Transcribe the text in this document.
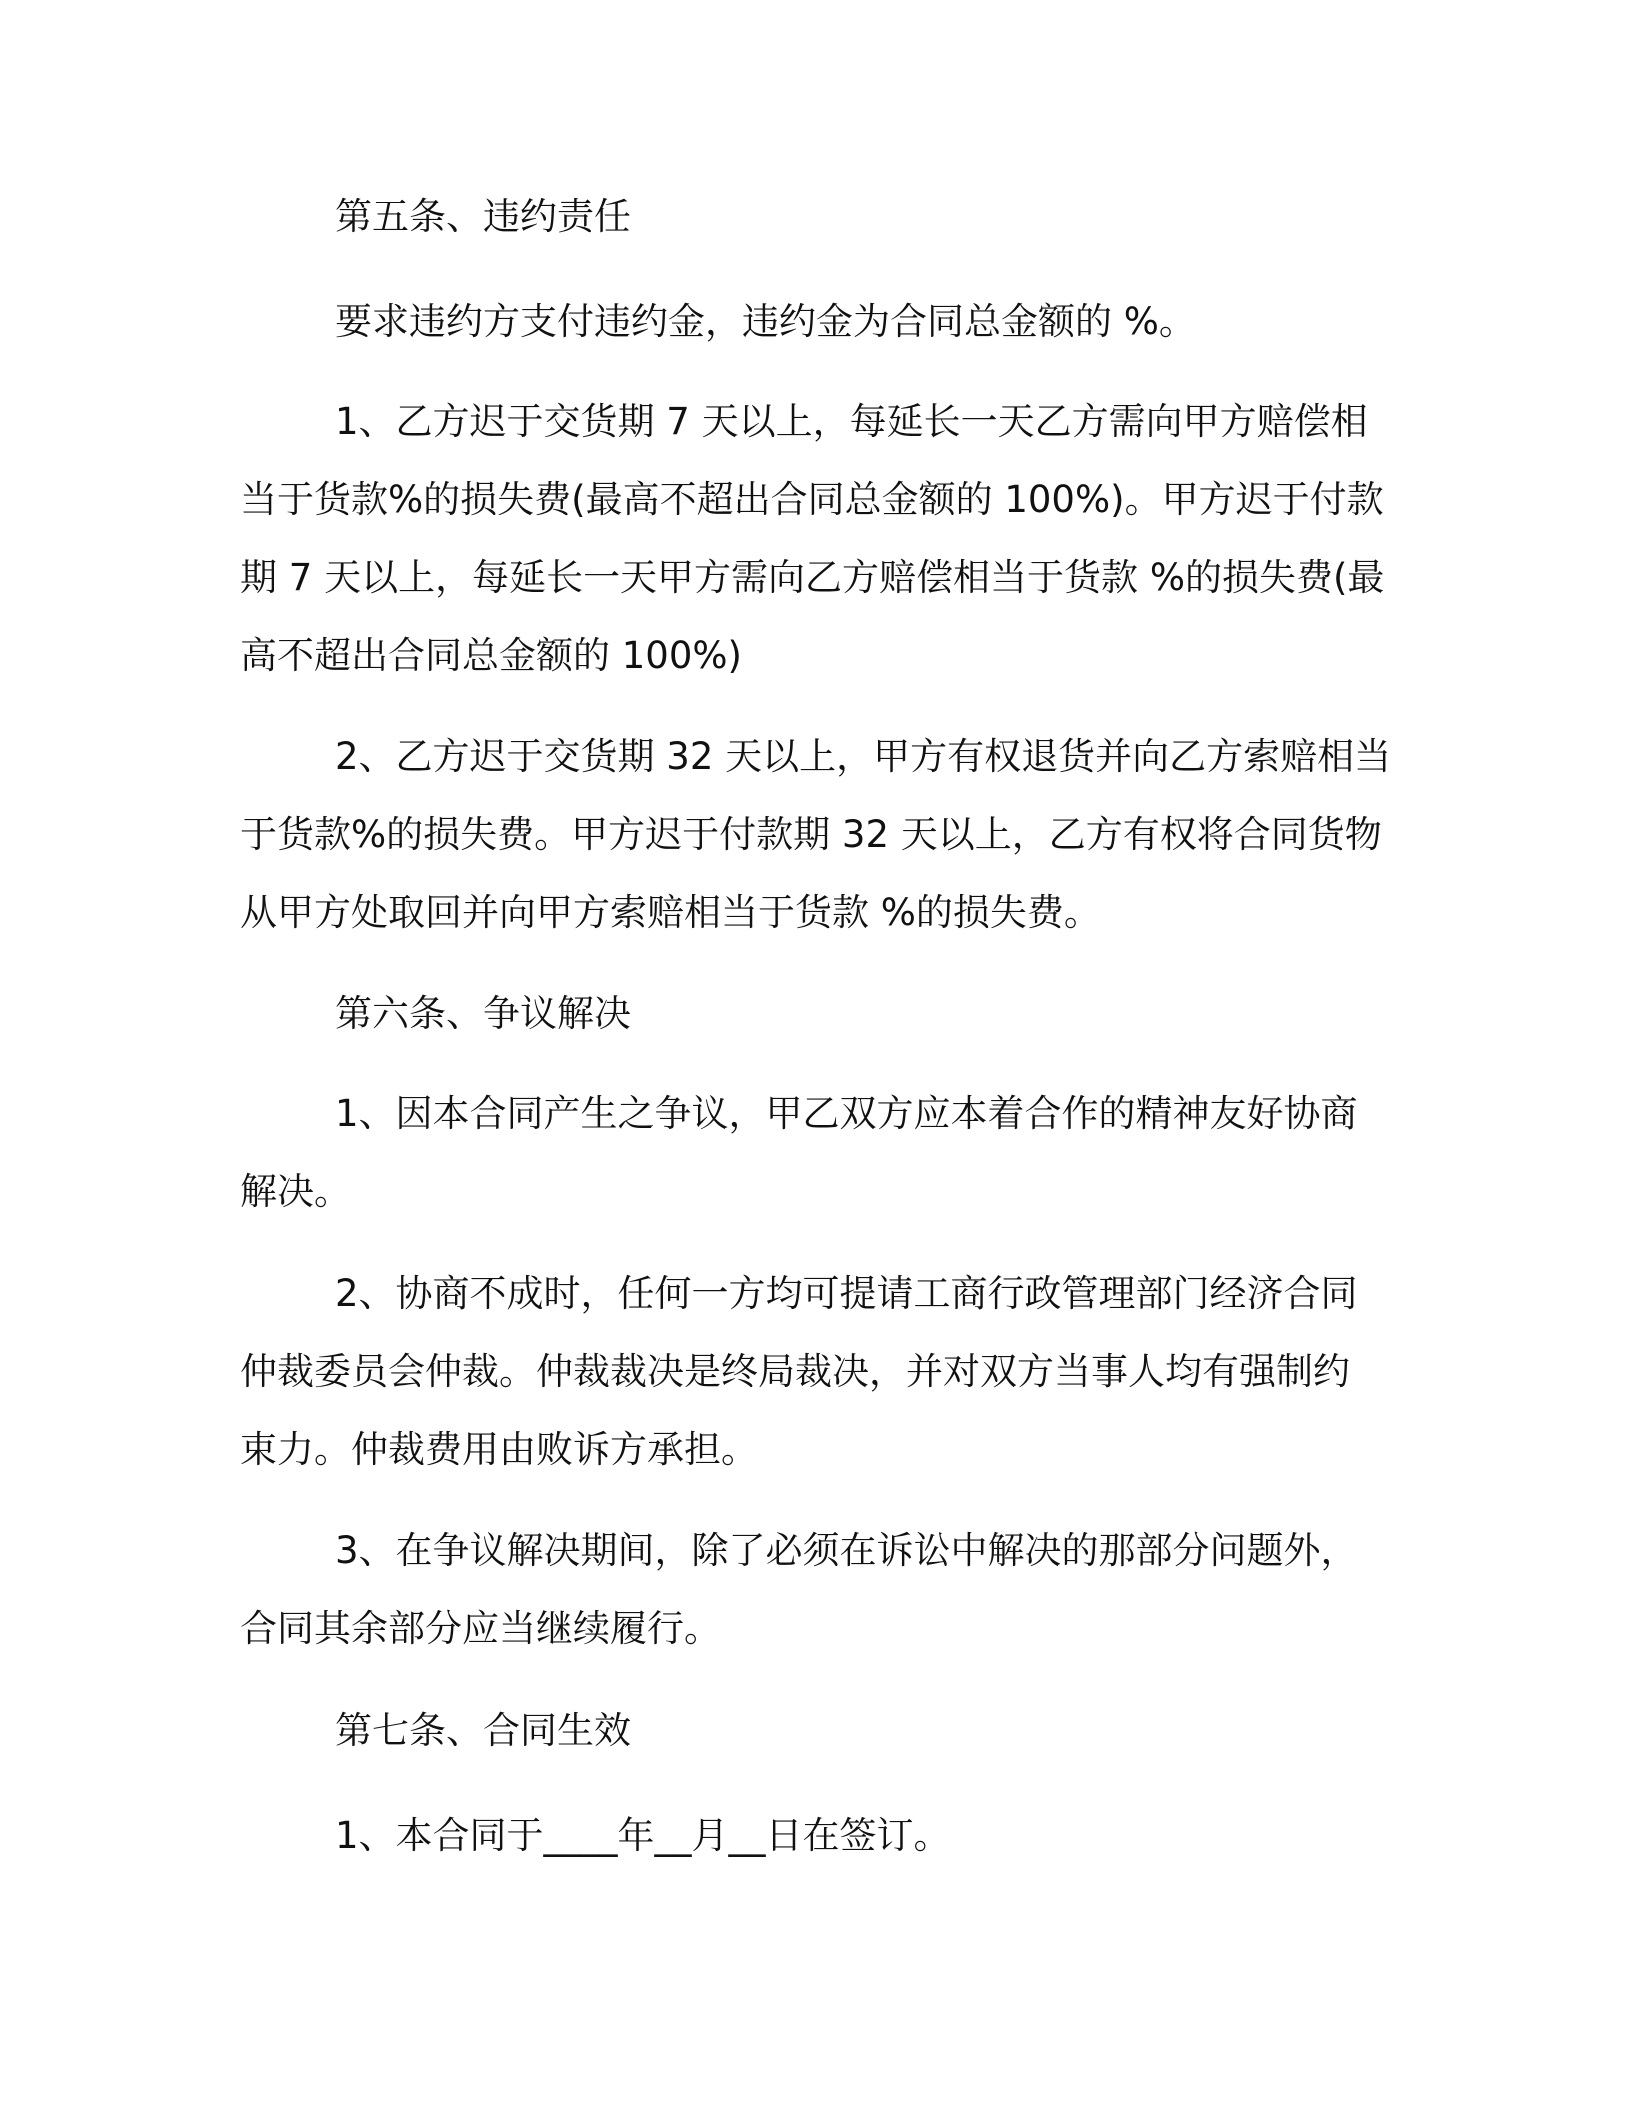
第五条、违约责任
要求违约方支付违约金，违约金为合同总金额的 %。
1、乙方迟于交货期 7 天以上，每延长一天乙方需向甲方赔偿相
当于货款%的损失费(最高不超出合同总金额的 100%)。甲方迟于付款
期 7 天以上，每延长一天甲方需向乙方赔偿相当于货款 %的损失费(最
高不超出合同总金额的 100%)
2、乙方迟于交货期 32 天以上，甲方有权退货并向乙方索赔相当
于货款%的损失费。甲方迟于付款期 32 天以上，乙方有权将合同货物
从甲方处取回并向甲方索赔相当于货款 %的损失费。
第六条、争议解决
1、因本合同产生之争议，甲乙双方应本着合作的精神友好协商
解决。
2、协商不成时，任何一方均可提请工商行政管理部门经济合同
仲裁委员会仲裁。仲裁裁决是终局裁决，并对双方当事人均有强制约
束力。仲裁费用由败诉方承担。
3、在争议解决期间，除了必须在诉讼中解决的那部分问题外，
合同其余部分应当继续履行。
第七条、合同生效
1、本合同于____年__月__日在签订。
